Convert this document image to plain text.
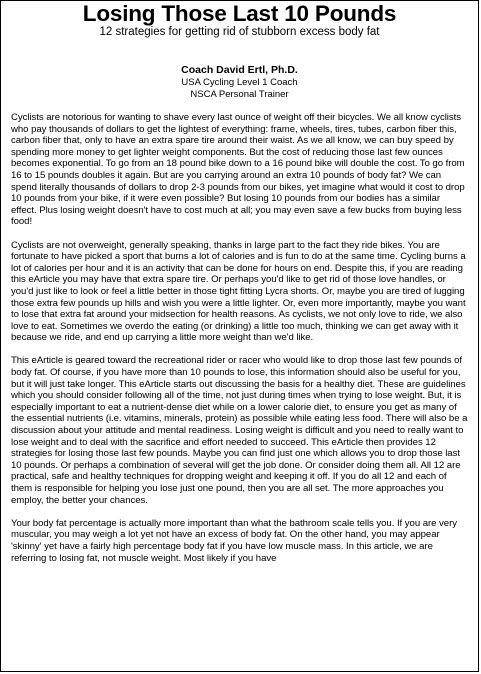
Losing Those Last 10 Pounds
12 strategies for getting rid of stubborn excess body fat
Coach David Ertl, Ph.D.
USA Cycling Level 1 Coach
NSCA Personal Trainer

Cyclists are notorious for wanting to shave every last ounce of weight off their bicycles. We all know cyclists who pay thousands of dollars to get the lightest of everything: frame, wheels, tires, tubes, carbon fiber this, carbon fiber that, only to have an extra spare tire around their waist. As we all know, we can buy speed by spending more money to get lighter weight components. But the cost of reducing those last few ounces becomes exponential. To go from an 18 pound bike down to a 16 pound bike will double the cost. To go from 16 to 15 pounds doubles it again. But are you carrying around an extra 10 pounds of body fat? We can spend literally thousands of dollars to drop 2-3 pounds from our bikes, yet imagine what would it cost to drop 10 pounds from your bike, if it were even possible? But losing 10 pounds from our bodies has a similar effect. Plus losing weight doesn't have to cost much at all; you may even save a few bucks from buying less food!

Cyclists are not overweight, generally speaking, thanks in large part to the fact they ride bikes. You are fortunate to have picked a sport that burns a lot of calories and is fun to do at the same time. Cycling burns a lot of calories per hour and it is an activity that can be done for hours on end. Despite this, if you are reading this eArticle you may have that extra spare tire. Or perhaps you'd like to get rid of those love handles, or you'd just like to look or feel a little better in those tight fitting Lycra shorts. Or, maybe you are tired of lugging those extra few pounds up hills and wish you were a little lighter. Or, even more importantly, maybe you want to lose that extra fat around your midsection for health reasons. As cyclists, we not only love to ride, we also love to eat. Sometimes we overdo the eating (or drinking) a little too much, thinking we can get away with it because we ride, and end up carrying a little more weight than we'd like.

This eArticle is geared toward the recreational rider or racer who would like to drop those last few pounds of body fat. Of course, if you have more than 10 pounds to lose, this information should also be useful for you, but it will just take longer. This eArticle starts out discussing the basis for a healthy diet. These are guidelines which you should consider following all of the time, not just during times when trying to lose weight. But, it is especially important to eat a nutrient-dense diet while on a lower calorie diet, to ensure you get as many of the essential nutrients (i.e. vitamins, minerals, protein) as possible while eating less food. There will also be a discussion about your attitude and mental readiness. Losing weight is difficult and you need to really want to lose weight and to deal with the sacrifice and effort needed to succeed. This eArticle then provides 12 strategies for losing those last few pounds. Maybe you can find just one which allows you to drop those last 10 pounds. Or perhaps a combination of several will get the job done. Or consider doing them all. All 12 are practical, safe and healthy techniques for dropping weight and keeping it off. If you do all 12 and each of them is responsible for helping you lose just one pound, then you are all set. The more approaches you employ, the better your chances.

Your body fat percentage is actually more important than what the bathroom scale tells you. If you are very muscular, you may weigh a lot yet not have an excess of body fat. On the other hand, you may appear 'skinny' yet have a fairly high percentage body fat if you have low muscle mass. In this article, we are referring to losing fat, not muscle weight. Most likely if you have
